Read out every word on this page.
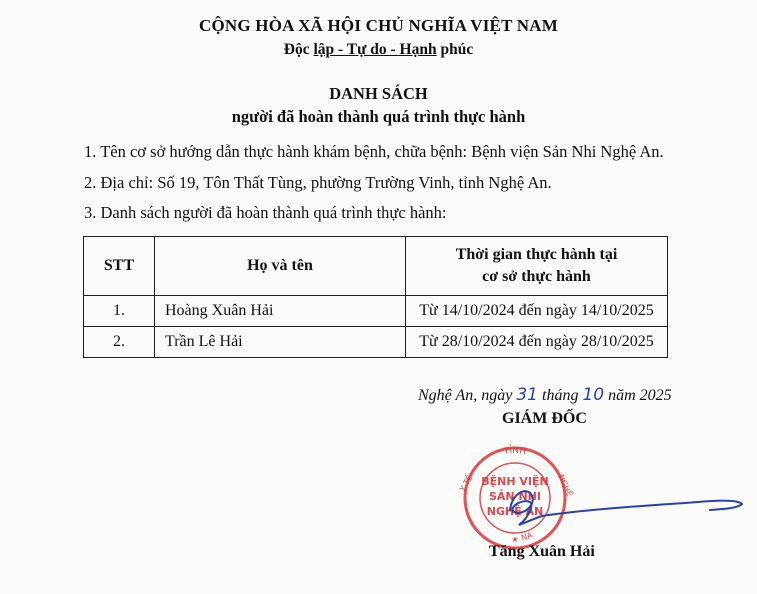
CỘNG HÒA XÃ HỘI CHỦ NGHĨA VIỆT NAM
Độc lập - Tự do - Hạnh phúc
DANH SÁCH
người đã hoàn thành quá trình thực hành
1. Tên cơ sở hướng dẫn thực hành khám bệnh, chữa bệnh: Bệnh viện Sản Nhi Nghệ An.
2. Địa chỉ: Số 19, Tôn Thất Tùng, phường Trường Vinh, tỉnh Nghệ An.
3. Danh sách người đã hoàn thành quá trình thực hành:
STT	Họ và tên	Thời gian thực hành tại
cơ sở thực hành
1.	Hoàng Xuân Hải	Từ 14/10/2024 đến ngày 14/10/2025
2.	Trần Lê Hải	Từ 28/10/2024 đến ngày 28/10/2025
Nghệ An, ngày 31 tháng 10 năm 2025
GIÁM ĐỐC
TỈNH
Y TẾ	NGHỆ
NA
BỆNH VIỆN
SẢN NHI
NGHỆ AN
★
Tăng Xuân Hải
